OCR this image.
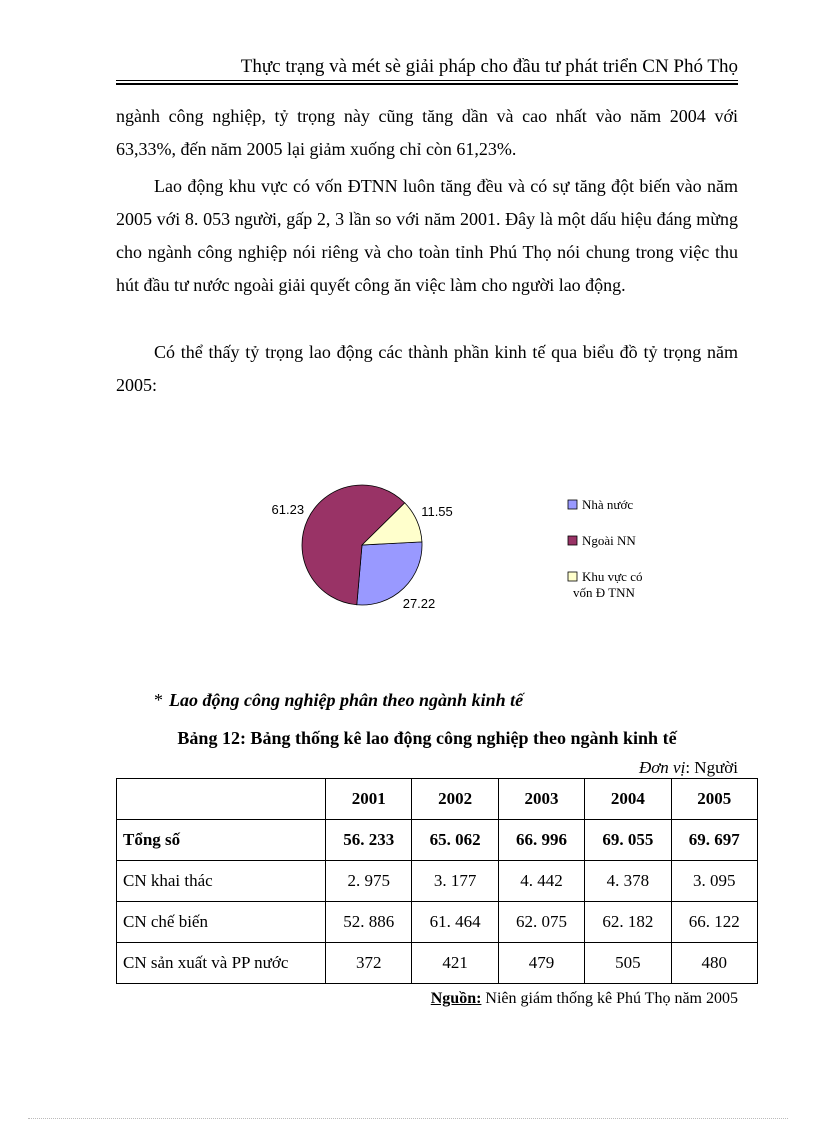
Thực trạng và mét sè giải pháp cho đầu tư phát triển CN Phó Thọ

ngành công nghiệp, tỷ trọng này cũng tăng dần và cao nhất vào năm 2004 với 63,33%, đến năm 2005 lại giảm xuống chỉ còn 61,23%.

Lao động khu vực có vốn ĐTNN luôn tăng đều và có sự tăng đột biến vào năm 2005 với 8. 053 người, gấp 2, 3 lần so với năm 2001. Đây là một dấu hiệu đáng mừng cho ngành công nghiệp nói riêng và cho toàn tỉnh Phú Thọ nói chung trong việc thu hút đầu tư nước ngoài giải quyết công ăn việc làm cho người lao động.

Có thể thấy tỷ trọng lao động các thành phần kinh tế qua biểu đồ tỷ trọng năm 2005:

27.22
61.23	11.55	Nhà nước
Ngoài NN
Khu vực có
vốn Đ TNN
* Lao động công nghiệp phân theo ngành kinh tế
Bảng 12: Bảng thống kê lao động công nghiệp theo ngành kinh tế
Đơn vị: Người
	2001	2002	2003	2004	2005
Tổng số	56. 233	65. 062	66. 996	69. 055	69. 697
CN khai thác	2. 975	3. 177	4. 442	4. 378	3. 095
CN chế biến	52. 886	61. 464	62. 075	62. 182	66. 122
CN sản xuất và PP nước	372	421	479	505	480
Nguồn: Niên giám thống kê Phú Thọ năm 2005
